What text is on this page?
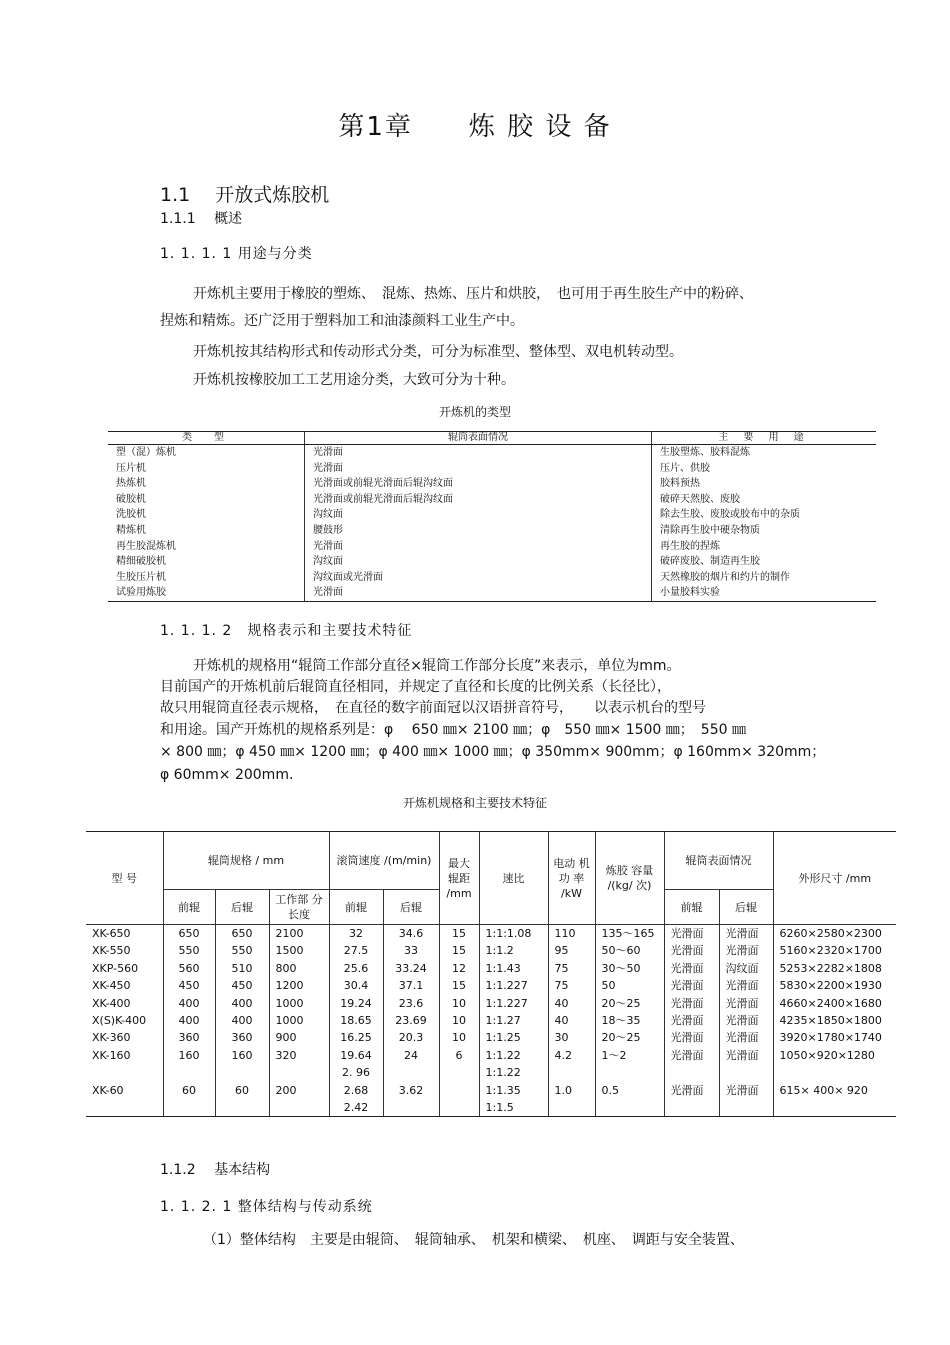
第1章　　炼 胶 设 备
1.1　 开放式炼胶机
1.1.1　 概述
1. 1. 1. 1 用途与分类
开炼机主要用于橡胶的塑炼、　混炼、热炼、压片和烘胶，　也可用于再生胶生产中的粉碎、
捏炼和精炼。还广泛用于塑料加工和油漆颜料工业生产中。
开炼机按其结构形式和传动形式分类，可分为标准型、整体型、双电机转动型。
开炼机按橡胶加工工艺用途分类，大致可分为十种。
开炼机的类型
类　型	辊筒表面情况	主 要 用 途
塑（混）炼机	光滑面	生胶塑炼、胶料混炼
压片机	光滑面	压片、供胶
热炼机	光滑面或前辊光滑面后辊沟纹面	胶料预热
破胶机	光滑面或前辊光滑面后辊沟纹面	破碎天然胶、废胶
洗胶机	沟纹面	除去生胶、废胶或胶布中的杂质
精炼机	腰鼓形	清除再生胶中硬杂物质
再生胶混炼机	光滑面	再生胶的捏炼
精细破胶机	沟纹面	破碎废胶、制造再生胶
生胶压片机	沟纹面或光滑面	天然橡胶的烟片和约片的制作
试验用炼胶	光滑面	小量胶料实验
1. 1. 1. 2　规格表示和主要技术特征
开炼机的规格用“辊筒工作部分直径×辊筒工作部分长度”来表示，单位为mm。
目前国产的开炼机前后辊筒直径相同，并规定了直径和长度的比例关系（长径比），
故只用辊筒直径表示规格，　在直径的数字前面冠以汉语拼音符号，　　以表示机台的型号
和用途。国产开炼机的规格系列是：φ　 650 ㎜× 2100 ㎜；φ　550 ㎜× 1500 ㎜；　550 ㎜
× 800 ㎜；φ 450 ㎜× 1200 ㎜；φ 400 ㎜× 1000 ㎜；φ 350mm× 900mm；φ 160mm× 320mm；
φ 60mm× 200mm.
开炼机规格和主要技术特征
型 号	辊筒规格 / mm			滚筒速度 /(m/min)		最大 辊距 /mm	速比	电动 机功 率 /kW	炼胶 容量 /(kg/ 次)	辊筒表面情况		外形尺寸 /mm
	前辊	后辊	工作部 分长度	前辊	后辊					前辊	后辊	
XK-650	650	650	2100	32	34.6	15	1:1:1.08	110	135～165	光滑面	光滑面	6260×2580×2300
XK-550	550	550	1500	27.5	33	15	1:1.2	95	50～60	光滑面	光滑面	5160×2320×1700
XKP-560	560	510	800	25.6	33.24	12	1:1.43	75	30～50	光滑面	沟纹面	5253×2282×1808
XK-450	450	450	1200	30.4	37.1	15	1:1.227	75	50	光滑面	光滑面	5830×2200×1930
XK-400	400	400	1000	19.24	23.6	10	1:1.227	40	20～25	光滑面	光滑面	4660×2400×1680
X(S)K-400	400	400	1000	18.65	23.69	10	1:1.27	40	18～35	光滑面	光滑面	4235×1850×1800
XK-360	360	360	900	16.25	20.3	10	1:1.25	30	20～25	光滑面	光滑面	3920×1780×1740
XK-160	160	160	320	19.64	24	6	1:1.22	4.2	1～2	光滑面	光滑面	1050×920×1280
				2. 96			1:1.22					
XK-60	60	60	200	2.68	3.62		1:1.35	1.0	0.5	光滑面	光滑面	615× 400× 920
				2.42			1:1.5					
1.1.2　 基本结构
1. 1. 2. 1 整体结构与传动系统
（1）整体结构　主要是由辊筒、　辊筒轴承、　机架和横梁、　机座、　调距与安全装置、
